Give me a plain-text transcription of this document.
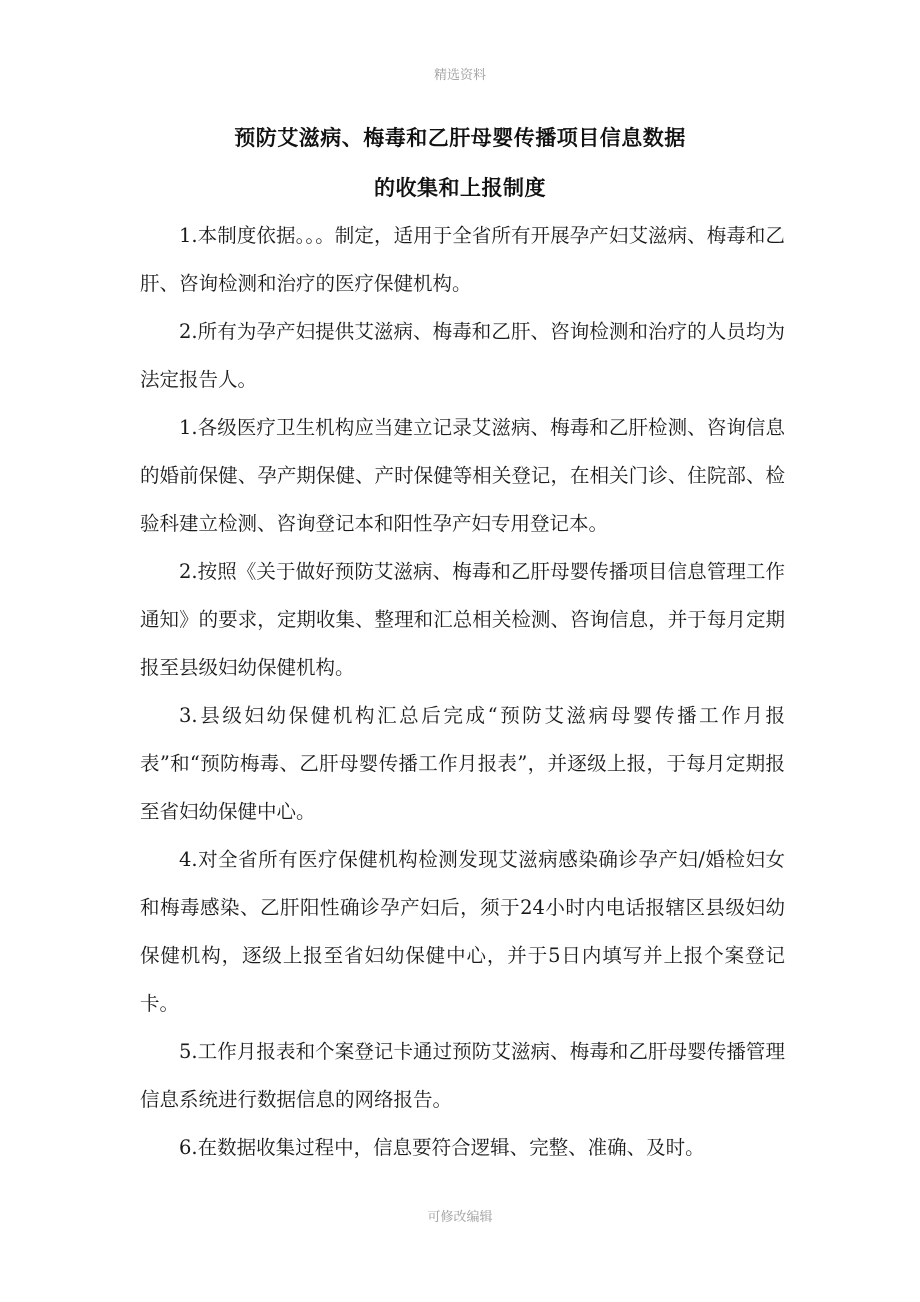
精选资料
预防艾滋病、梅毒和乙肝母婴传播项目信息数据
的收集和上报制度

1.本制度依据。。。制定，适用于全省所有开展孕产妇艾滋病、梅毒和乙肝、咨询检测和治疗的医疗保健机构。

2.所有为孕产妇提供艾滋病、梅毒和乙肝、咨询检测和治疗的人员均为法定报告人。

1.各级医疗卫生机构应当建立记录艾滋病、梅毒和乙肝检测、咨询信息的婚前保健、孕产期保健、产时保健等相关登记，在相关门诊、住院部、检验科建立检测、咨询登记本和阳性孕产妇专用登记本。

2.按照《关于做好预防艾滋病、梅毒和乙肝母婴传播项目信息管理工作通知》的要求，定期收集、整理和汇总相关检测、咨询信息，并于每月定期报至县级妇幼保健机构。

3.县级妇幼保健机构汇总后完成“预防艾滋病母婴传播工作月报表”和“预防梅毒、乙肝母婴传播工作月报表”，并逐级上报，于每月定期报至省妇幼保健中心。

4.对全省所有医疗保健机构检测发现艾滋病感染确诊孕产妇/婚检妇女和梅毒感染、乙肝阳性确诊孕产妇后，须于24小时内电话报辖区县级妇幼保健机构，逐级上报至省妇幼保健中心，并于5日内填写并上报个案登记卡。

5.工作月报表和个案登记卡通过预防艾滋病、梅毒和乙肝母婴传播管理信息系统进行数据信息的网络报告。

6.在数据收集过程中，信息要符合逻辑、完整、准确、及时。

可修改编辑
